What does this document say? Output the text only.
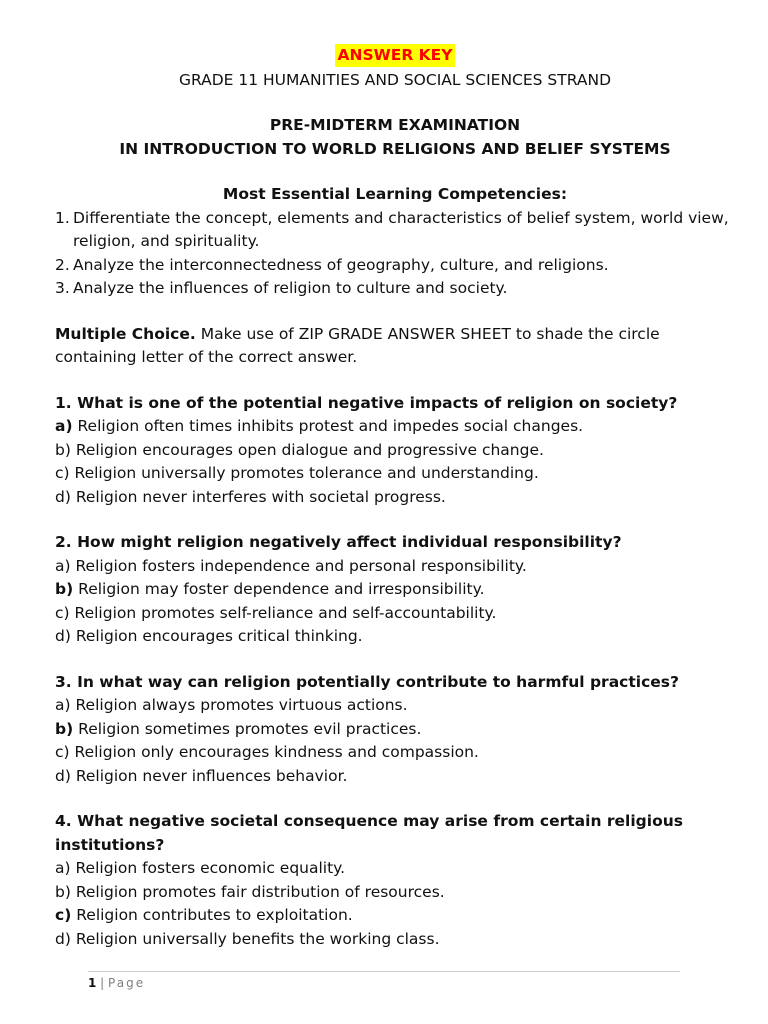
ANSWER KEY
GRADE 11 HUMANITIES AND SOCIAL SCIENCES STRAND
PRE-MIDTERM EXAMINATION
IN INTRODUCTION TO WORLD RELIGIONS AND BELIEF SYSTEMS
Most Essential Learning Competencies:
1. Differentiate the concept, elements and characteristics of belief system, world view, religion, and spirituality.
2. Analyze the interconnectedness of geography, culture, and religions.
3. Analyze the influences of religion to culture and society.
Multiple Choice. Make use of ZIP GRADE ANSWER SHEET to shade the circle containing letter of the correct answer.
1. What is one of the potential negative impacts of religion on society?
a) Religion often times inhibits protest and impedes social changes.
b) Religion encourages open dialogue and progressive change.
c) Religion universally promotes tolerance and understanding.
d) Religion never interferes with societal progress.
2. How might religion negatively affect individual responsibility?
a) Religion fosters independence and personal responsibility.
b) Religion may foster dependence and irresponsibility.
c) Religion promotes self-reliance and self-accountability.
d) Religion encourages critical thinking.
3. In what way can religion potentially contribute to harmful practices?
a) Religion always promotes virtuous actions.
b) Religion sometimes promotes evil practices.
c) Religion only encourages kindness and compassion.
d) Religion never influences behavior.
4. What negative societal consequence may arise from certain religious institutions?
a) Religion fosters economic equality.
b) Religion promotes fair distribution of resources.
c) Religion contributes to exploitation.
d) Religion universally benefits the working class.
1 | Page
